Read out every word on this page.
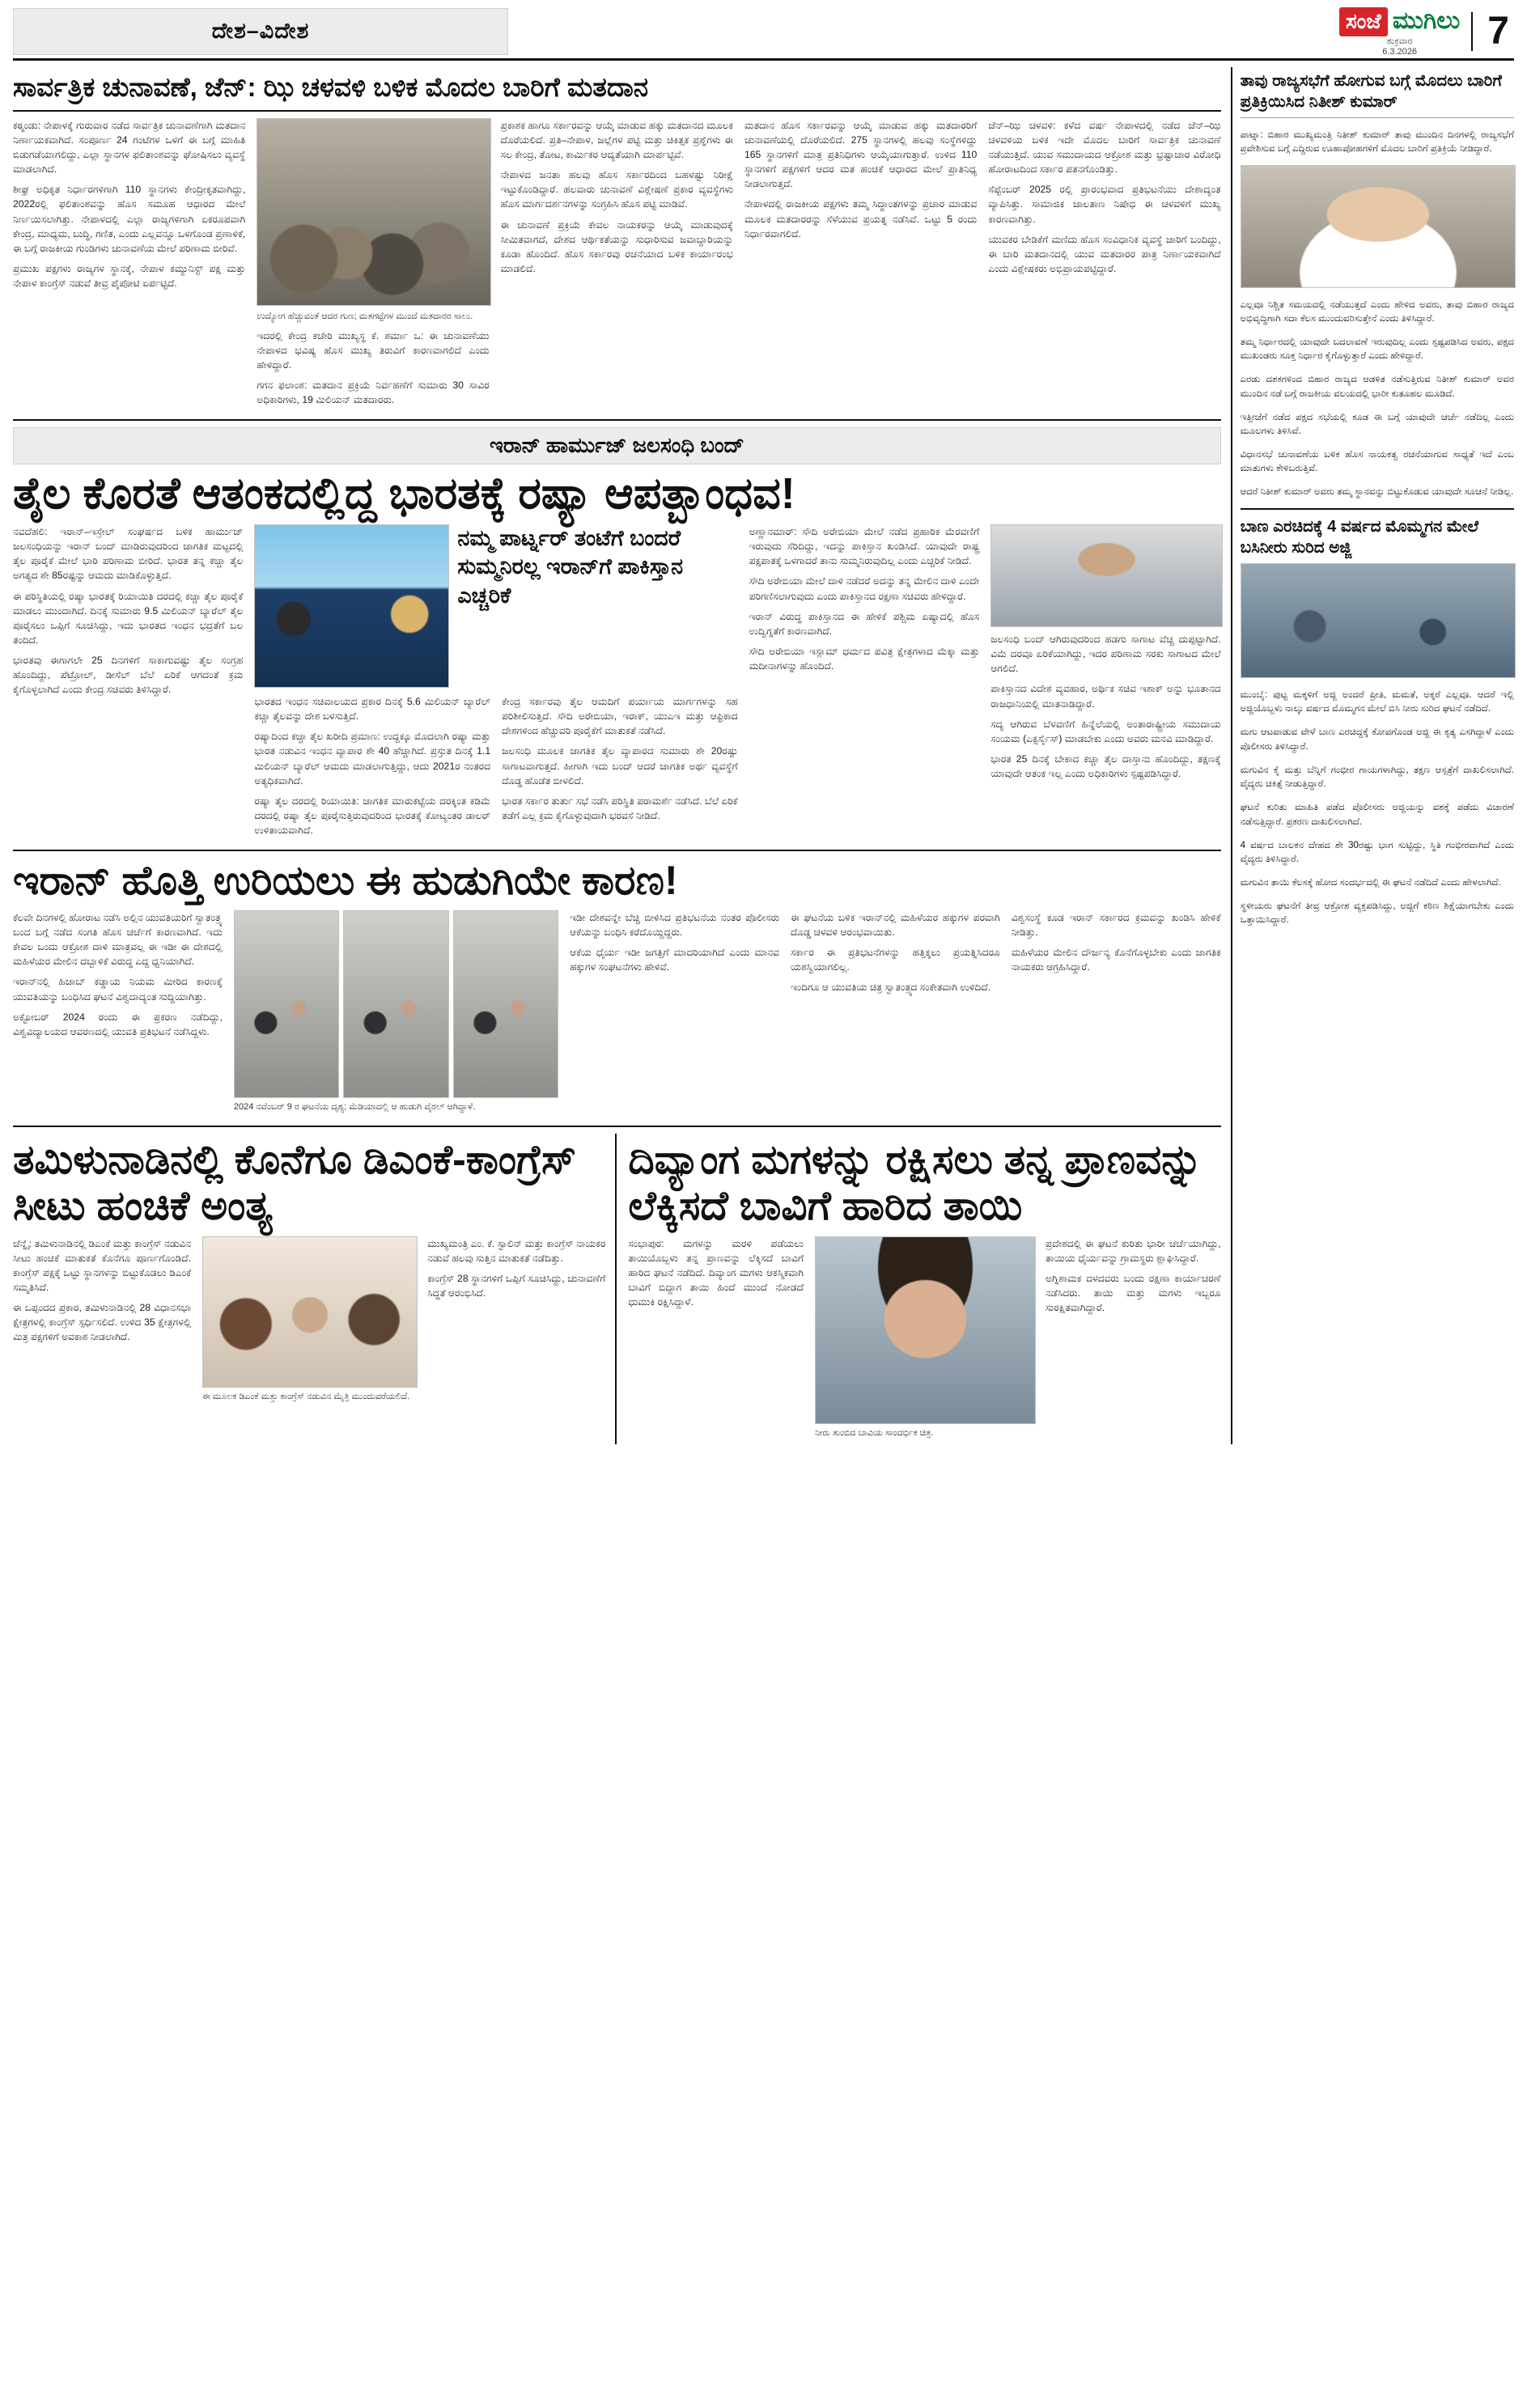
ದೇಶ–ವಿದೇಶ	ಸಂಜೆ ಮುಗಿಲು
ಶುಕ್ರವಾರ
6.3.2026	7
ಸಾರ್ವತ್ರಿಕ ಚುನಾವಣೆ, ಜೆನ್: ಝಿ ಚಳವಳಿ ಬಳಿಕ ಮೊದಲ ಬಾರಿಗೆ ಮತದಾನ

ಕಠ್ಮಂಡು: ನೇಪಾಳಕ್ಕೆ ಗುರುವಾರ ನಡೆದ ಸಾರ್ವತ್ರಿಕ ಚುನಾವಣೆಗಾಗಿ ಮತದಾನ ನಿರ್ಣಾಯಕವಾಗಿದೆ. ಸಂಪೂರ್ಣ 24 ಗಂಟೆಗಳ ಒಳಗೆ ಈ ಬಗ್ಗೆ ಮಾಹಿತಿ ಬಿಡುಗಡೆಯಾಗಲಿದ್ದು, ಎಲ್ಲಾ ಸ್ಥಾನಗಳ ಫಲಿತಾಂಶವನ್ನು ಘೋಷಿಸಲು ವ್ಯವಸ್ಥೆ ಮಾಡಲಾಗಿದೆ.

ಶೀಘ್ರ ಅಧಿಕೃತ ನಿರ್ಧಾರಗಳಿಗಾಗಿ 110 ಸ್ಥಾನಗಳು ಕೇಂದ್ರೀಕೃತವಾಗಿದ್ದು, 2022ರಲ್ಲಿ ಫಲಿತಾಂಶವನ್ನು ಹೊಸ ಸಮೂಹ ಆಧಾರದ ಮೇಲೆ ನಿರ್ಣಯಿಸಲಾಗಿತ್ತು. ನೇಪಾಳದಲ್ಲಿ ಎಲ್ಲಾ ರಾಜ್ಯಗಳಿಗಾಗಿ ಏಕರೂಪವಾಗಿ ಕೇಂದ್ರ, ಮಾಧ್ಯಮ, ಬುದ್ಧಿ, ಗಣಿತ, ಎಂದು ಎಲ್ಲವನ್ನೂ ಒಳಗೊಂಡ ಪ್ರಣಾಳಿಕೆ, ಈ ಬಗ್ಗೆ ರಾಜಕೀಯ ಗುಂಡಿಗಳು ಚುನಾವಣೆಯ ಮೇಲೆ ಪರಿಣಾಮ ಬೀರಿವೆ.

ಪ್ರಮುಖ ಪಕ್ಷಗಳು ರಾಜ್ಯಗಳ ಸ್ಥಾನಕ್ಕೆ, ನೇಪಾಳ ಕಮ್ಯುನಿಸ್ಟ್ ಪಕ್ಷ ಮತ್ತು ನೇಪಾಳ ಕಾಂಗ್ರೆಸ್ ನಡುವೆ ತೀವ್ರ ಪೈಪೋಟಿ ಏರ್ಪಟ್ಟಿದೆ.

ಉದ್ಯೋಗ ಹೆಚ್ಚುವಂತೆ ಆದರ ಗುಣ; ಮತಗಟ್ಟೆಗಳ ಮುಂದೆ ಮತದಾರರ ಸಾಲು.

ಇದರಲ್ಲಿ ಕೇಂದ್ರ ಕಚೇರಿ ಮುಖ್ಯಸ್ಥ ಕೆ. ಶರ್ಮಾ ಒ: ಈ ಚುನಾವಣೆಯು ನೇಪಾಳದ ಭವಿಷ್ಯ ಹೊಸ ಮುಖ್ಯ ತಿರುವಿಗೆ ಕಾರಣವಾಗಲಿದೆ ಎಂದು ಹೇಳಿದ್ದಾರೆ.

ಗಗನ ಫಲಾಂಶ: ಮತದಾನ ಪ್ರಕ್ರಿಯೆ ನಿರ್ವಹಣೆಗೆ ಸುಮಾರು 30 ಸಾವಿರ ಅಧಿಕಾರಿಗಳು, 19 ಮಿಲಿಯನ್ ಮತದಾರರು.

ಪ್ರಕಾಶಕ ಹಾಗೂ ಸರ್ಕಾರವನ್ನು ಆಯ್ಕೆ ಮಾಡುವ ಹಕ್ಕು ಮತದಾನದ ಮೂಲಕ ದೊರೆಯಲಿದೆ. ಪ್ರತಿ–ನೇಪಾಳ, ಜಲ್ಲೆಗಳ ಪಟ್ಟಿ ಮತ್ತು ಚಿಕಿತ್ಸಕ ಪ್ರಶ್ನೆಗಳು ಈ ಸಲ ಕೇಂದ್ರ, ತೋಟ, ಕಾರ್ಮಿಕರ ಆದ್ಯತೆಯಾಗಿ ಮಾರ್ಪಟ್ಟಿವೆ.

ನೇಪಾಳದ ಜನತಾ ಹಲವು ಹೊಸ ಸರ್ಕಾರದಿಂದ ಬಹಳಷ್ಟು ನಿರೀಕ್ಷೆ ಇಟ್ಟುಕೊಂಡಿದ್ದಾರೆ. ಹಲವಾರು ಚುನಾವಣೆ ವಿಶ್ಲೇಷಣೆ ಪ್ರಕಾರ ವ್ಯವಸ್ಥೆಗಳು ಹೊಸ ಮಾರ್ಗದರ್ಶನಗಳನ್ನು ಸಂಗ್ರಹಿಸಿ ಹೊಸ ಪಟ್ಟಿ ಮಾಡಿವೆ.

ಈ ಚುನಾವಣೆ ಪ್ರಕ್ರಿಯೆ ಕೇವಲ ನಾಯಕರನ್ನು ಆಯ್ಕೆ ಮಾಡುವುದಕ್ಕೆ ಸೀಮಿತವಾಗದೆ, ದೇಶದ ಆರ್ಥಿಕತೆಯನ್ನು ಸುಧಾರಿಸುವ ಜವಾಬ್ದಾರಿಯನ್ನು ಕೂಡಾ ಹೊಂದಿದೆ. ಹೊಸ ಸರ್ಕಾರವು ರಚನೆಯಾದ ಬಳಿಕ ಕಾರ್ಯಾರಂಭ ಮಾಡಲಿದೆ.

ಮತದಾನ ಹೊಸ ಸರ್ಕಾರವನ್ನು ಆಯ್ಕೆ ಮಾಡುವ ಹಕ್ಕು ಮತದಾರರಿಗೆ ಚುನಾವಣೆಯಲ್ಲಿ ದೊರೆಯಲಿದೆ. 275 ಸ್ಥಾನಗಳಲ್ಲಿ ಹಲವು ಸಂಸ್ಥೆಗಳಿದ್ದು 165 ಸ್ಥಾನಗಳಿಗೆ ಮಾತ್ರ ಪ್ರತಿನಿಧಿಗಳು ಆಯ್ಕೆಯಾಗುತ್ತಾರೆ. ಉಳಿದ 110 ಸ್ಥಾನಗಳಿಗೆ ಪಕ್ಷಗಳಿಗೆ ಆದರ ಮತ ಹಂಚಿಕೆ ಆಧಾರದ ಮೇಲೆ ಪ್ರಾತಿನಿಧ್ಯ ನೀಡಲಾಗುತ್ತದೆ.

ನೇಪಾಳದಲ್ಲಿ ರಾಜಕೀಯ ಪಕ್ಷಗಳು ತಮ್ಮ ಸಿದ್ಧಾಂತಗಳನ್ನು ಪ್ರಚಾರ ಮಾಡುವ ಮೂಲಕ ಮತದಾರರನ್ನು ಸೆಳೆಯುವ ಪ್ರಯತ್ನ ನಡೆಸಿವೆ. ಒಟ್ಟು 5 ರಂದು ನಿರ್ಧಾರವಾಗಲಿದೆ.

ಜೆನ್–ಝಿ ಚಳವಳಿ: ಕಳೆದ ವರ್ಷ ನೇಪಾಳದಲ್ಲಿ ನಡೆದ ಜೆನ್–ಝಿ ಚಳವಳಿಯ ಬಳಿಕ ಇದೇ ಮೊದಲ ಬಾರಿಗೆ ಸಾರ್ವತ್ರಿಕ ಚುನಾವಣೆ ನಡೆಯುತ್ತಿದೆ. ಯುವ ಸಮುದಾಯದ ಆಕ್ರೋಶ ಮತ್ತು ಭ್ರಷ್ಟಾಚಾರ ವಿರೋಧಿ ಹೋರಾಟದಿಂದ ಸರ್ಕಾರ ಪತನಗೊಂಡಿತ್ತು.

ಸೆಪ್ಟೆಂಬರ್ 2025 ರಲ್ಲಿ ಪ್ರಾರಂಭವಾದ ಪ್ರತಿಭಟನೆಯು ದೇಶಾದ್ಯಂತ ವ್ಯಾಪಿಸಿತ್ತು. ಸಾಮಾಜಿಕ ಜಾಲತಾಣ ನಿಷೇಧ ಈ ಚಳವಳಿಗೆ ಮುಖ್ಯ ಕಾರಣವಾಗಿತ್ತು.

ಯುವಕರ ಬೇಡಿಕೆಗೆ ಮಣಿದು ಹೊಸ ಸಂವಿಧಾನಿಕ ವ್ಯವಸ್ಥೆ ಜಾರಿಗೆ ಬಂದಿದ್ದು, ಈ ಬಾರಿ ಮತದಾನದಲ್ಲಿ ಯುವ ಮತದಾರರ ಪಾತ್ರ ನಿರ್ಣಾಯಕವಾಗಿದೆ ಎಂದು ವಿಶ್ಲೇಷಕರು ಅಭಿಪ್ರಾಯಪಟ್ಟಿದ್ದಾರೆ.

ಇರಾನ್ ಹಾರ್ಮುಜ್ ಜಲಸಂಧಿ ಬಂದ್
ತೈಲ ಕೊರತೆ ಆತಂಕದಲ್ಲಿದ್ದ ಭಾರತಕ್ಕೆ ರಷ್ಯಾ ಆಪತ್ಬಾಂಧವ!

ನವದೆಹಲಿ: ಇರಾನ್–ಇಸ್ರೇಲ್ ಸಂಘರ್ಷದ ಬಳಿಕ ಹಾರ್ಮುಜ್ ಜಲಸಂಧಿಯನ್ನು ಇರಾನ್ ಬಂದ್ ಮಾಡಿರುವುದರಿಂದ ಜಾಗತಿಕ ಮಟ್ಟದಲ್ಲಿ ತೈಲ ಪೂರೈಕೆ ಮೇಲೆ ಭಾರಿ ಪರಿಣಾಮ ಬೀರಿದೆ. ಭಾರತ ತನ್ನ ಕಚ್ಚಾ ತೈಲ ಅಗತ್ಯದ ಶೇ 85ರಷ್ಟನ್ನು ಆಮದು ಮಾಡಿಕೊಳ್ಳುತ್ತಿದೆ.

ಈ ಪರಿಸ್ಥಿತಿಯಲ್ಲಿ ರಷ್ಯಾ ಭಾರತಕ್ಕೆ ರಿಯಾಯಿತಿ ದರದಲ್ಲಿ ಕಚ್ಚಾ ತೈಲ ಪೂರೈಕೆ ಮಾಡಲು ಮುಂದಾಗಿದೆ. ದಿನಕ್ಕೆ ಸುಮಾರು 9.5 ಮಿಲಿಯನ್ ಬ್ಯಾರೆಲ್ ತೈಲ ಪೂರೈಸಲು ಒಪ್ಪಿಗೆ ಸೂಚಿಸಿದ್ದು, ಇದು ಭಾರತದ ಇಂಧನ ಭದ್ರತೆಗೆ ಬಲ ತಂದಿದೆ.

ಭಾರತವು ಈಗಾಗಲೇ 25 ದಿನಗಳಿಗೆ ಸಾಕಾಗುವಷ್ಟು ತೈಲ ಸಂಗ್ರಹ ಹೊಂದಿದ್ದು, ಪೆಟ್ರೋಲ್, ಡೀಸೆಲ್ ಬೆಲೆ ಏರಿಕೆ ಆಗದಂತೆ ಕ್ರಮ ಕೈಗೊಳ್ಳಲಾಗಿದೆ ಎಂದು ಕೇಂದ್ರ ಸಚಿವರು ತಿಳಿಸಿದ್ದಾರೆ.

ನಮ್ಮ ಪಾರ್ಟ್ನರ್ ತಂಟೆಗೆ ಬಂದರೆ ಸುಮ್ಮನಿರಲ್ಲ ಇರಾನ್‌ಗೆ ಪಾಕಿಸ್ತಾನ ಎಚ್ಚರಿಕೆ

ಭಾರತದ ಇಂಧನ ಸಚಿವಾಲಯದ ಪ್ರಕಾರ ದಿನಕ್ಕೆ 5.6 ಮಿಲಿಯನ್ ಬ್ಯಾರೆಲ್ ಕಚ್ಚಾ ತೈಲವನ್ನು ದೇಶ ಬಳಸುತ್ತಿದೆ.

ರಷ್ಯಾದಿಂದ ಕಚ್ಚಾ ತೈಲ ಖರೀದಿ ಪ್ರಮಾಣ: ಉದ್ದಕ್ಕೂ ಮೊದಲಾಗಿ ರಷ್ಯಾ ಮತ್ತು ಭಾರತ ನಡುವಿನ ಇಂಧನ ವ್ಯಾಪಾರ ಶೇ 40 ಹೆಚ್ಚಾಗಿದೆ. ಪ್ರಸ್ತುತ ದಿನಕ್ಕೆ 1.1 ಮಿಲಿಯನ್ ಬ್ಯಾರೆಲ್ ಆಮದು ಮಾಡಲಾಗುತ್ತಿದ್ದು, ಆದು 2021ರ ನಂತರದ ಅತ್ಯಧಿಕವಾಗಿದೆ.

ರಷ್ಯಾ ತೈಲ ದರದಲ್ಲಿ ರಿಯಾಯಿತಿ: ಜಾಗತಿಕ ಮಾರುಕಟ್ಟೆಯ ದರಕ್ಕಿಂತ ಕಡಿಮೆ ದರದಲ್ಲಿ ರಷ್ಯಾ ತೈಲ ಪೂರೈಸುತ್ತಿರುವುದರಿಂದ ಭಾರತಕ್ಕೆ ಕೋಟ್ಯಂತರ ಡಾಲರ್ ಉಳಿತಾಯವಾಗಿದೆ.

ಕೇಂದ್ರ ಸರ್ಕಾರವು ತೈಲ ಆಮದಿಗೆ ಪರ್ಯಾಯ ಮಾರ್ಗಗಳನ್ನು ಸಹ ಪರಿಶೀಲಿಸುತ್ತಿದೆ. ಸೌದಿ ಅರೇಬಿಯಾ, ಇರಾಕ್, ಯುಎಇ ಮತ್ತು ಆಫ್ರಿಕಾದ ದೇಶಗಳಿಂದ ಹೆಚ್ಚುವರಿ ಪೂರೈಕೆಗೆ ಮಾತುಕತೆ ನಡೆಸಿದೆ.

ಜಲಸಂಧಿ ಮೂಲಕ ಜಾಗತಿಕ ತೈಲ ವ್ಯಾಪಾರದ ಸುಮಾರು ಶೇ 20ರಷ್ಟು ಸಾಗಾಟವಾಗುತ್ತದೆ. ಹೀಗಾಗಿ ಇದು ಬಂದ್ ಆದರೆ ಜಾಗತಿಕ ಅರ್ಥ ವ್ಯವಸ್ಥೆಗೆ ದೊಡ್ಡ ಹೊಡೆತ ಬೀಳಲಿದೆ.

ಭಾರತ ಸರ್ಕಾರ ತುರ್ತು ಸಭೆ ನಡೆಸಿ ಪರಿಸ್ಥಿತಿ ಪರಾಮರ್ಶೆ ನಡೆಸಿದೆ. ಬೆಲೆ ಏರಿಕೆ ತಡೆಗೆ ಎಲ್ಲ ಕ್ರಮ ಕೈಗೊಳ್ಳುವುದಾಗಿ ಭರವಸೆ ನೀಡಿದೆ.

ಅಣ್ಣಾನಮಾರ್: ಸೌದಿ ಅರೇಬಿಯಾ ಮೇಲೆ ನಡೆದ ಪ್ರಹಾರಿಕ ಮೆರವಣಿಗೆ ಇರುವುದು ಸೆರಿದಿದ್ದು, ಇದನ್ನು ಪಾಕಿಸ್ತಾನ ಖಂಡಿಸಿದೆ. ಯಾವುದೇ ರಾಷ್ಟ್ರ ಪಕ್ಷಪಾತಕ್ಕೆ ಒಳಗಾದರೆ ತಾನು ಸುಮ್ಮನಿರುವುದಿಲ್ಲ ಎಂದು ಎಚ್ಚರಿಕೆ ನೀಡಿದೆ.

ಸೌದಿ ಅರೇಬಿಯಾ ಮೇಲೆ ದಾಳಿ ನಡೆದರೆ ಅದನ್ನು ತನ್ನ ಮೇಲಿನ ದಾಳಿ ಎಂದೇ ಪರಿಗಣಿಸಲಾಗುವುದು ಎಂದು ಪಾಕಿಸ್ತಾನದ ರಕ್ಷಣಾ ಸಚಿವರು ಹೇಳಿದ್ದಾರೆ.

ಇರಾನ್ ವಿರುದ್ಧ ಪಾಕಿಸ್ತಾನದ ಈ ಹೇಳಿಕೆ ಪಶ್ಚಿಮ ಏಷ್ಯಾದಲ್ಲಿ ಹೊಸ ಉದ್ವಿಗ್ನತೆಗೆ ಕಾರಣವಾಗಿದೆ.

ಸೌದಿ ಅರೇಬಿಯಾ ಇಸ್ಲಾಮ್ ಧರ್ಮದ ಪವಿತ್ರ ಕ್ಷೇತ್ರಗಳಾದ ಮೆಕ್ಕಾ ಮತ್ತು ಮದೀನಾಗಳನ್ನು ಹೊಂದಿದೆ.

ಜಲಸಂಧಿ ಬಂದ್ ಆಗಿರುವುದರಿಂದ ಹಡಗು ಸಾಗಾಟ ವೆಚ್ಚ ದುಪ್ಪಟ್ಟಾಗಿದೆ. ವಿಮೆ ದರವೂ ಏರಿಕೆಯಾಗಿದ್ದು, ಇದರ ಪರಿಣಾಮ ಸರಕು ಸಾಗಾಟದ ಮೇಲೆ ಆಗಲಿದೆ.

ಪಾಕಿಸ್ತಾನದ ವಿದೇಶ ವ್ಯವಹಾರ, ಅರ್ಥಿಕ ಸಚಿವ ಇಶಾಕ್ ಅನ್ನು ಭೂತಾನದ ರಾಜಧಾನಿಯಲ್ಲಿ ಮಾತನಾಡಿದ್ದಾರೆ.

ಸದ್ಯ ಆಗಿರುವ ಬೆಳವಣಿಗೆ ಹಿನ್ನೆಲೆಯಲ್ಲಿ ಅಂತಾರಾಷ್ಟ್ರೀಯ ಸಮುದಾಯ ಸಂಯಮ (ಎಕ್ಸರ್ಸೈಸ್) ಮಾಡಬೇಕು ಎಂದು ಅವರು ಮನವಿ ಮಾಡಿದ್ದಾರೆ.

ಭಾರತ 25 ದಿನಕ್ಕೆ ಬೇಕಾದ ಕಚ್ಚಾ ತೈಲ ದಾಸ್ತಾನು ಹೊಂದಿದ್ದು, ತಕ್ಷಣಕ್ಕೆ ಯಾವುದೇ ಆತಂಕ ಇಲ್ಲ ಎಂದು ಅಧಿಕಾರಿಗಳು ಸ್ಪಷ್ಟಪಡಿಸಿದ್ದಾರೆ.

ಇರಾನ್ ಹೊತ್ತಿ ಉರಿಯಲು ಈ ಹುಡುಗಿಯೇ ಕಾರಣ!

ಕೆಲವೇ ದಿನಗಳಲ್ಲಿ ಹೋರಾಟ ನಡೆಸಿ ಅಲ್ಲಿನ ಯುವತಿಯರಿಗೆ ಸ್ವಾತಂತ್ರ್ಯ ಬಂದ ಬಗ್ಗೆ ನಡೆದ ಸಂಗತಿ ಹೊಸ ಚರ್ಚೆಗೆ ಕಾರಣವಾಗಿದೆ. ಇದು ಕೇವಲ ಒಂದು ಆಕ್ರೋಶ ದಾಳಿ ಮಾತ್ರವಲ್ಲ ಈ ಇಡೀ ಈ ದೇಶದಲ್ಲಿ ಮಹಿಳೆಯರ ಮೇಲಿನ ದಬ್ಬಾಳಿಕೆ ವಿರುದ್ಧ ಎದ್ದ ಧ್ವನಿಯಾಗಿದೆ.

ಇರಾನ್‌ನಲ್ಲಿ ಹಿಜಾಬ್ ಕಡ್ಡಾಯ ನಿಯಮ ಮೀರಿದ ಕಾರಣಕ್ಕೆ ಯುವತಿಯನ್ನು ಬಂಧಿಸಿದ ಘಟನೆ ವಿಶ್ವದಾದ್ಯಂತ ಸುದ್ದಿಯಾಗಿತ್ತು.

ಅಕ್ಟೋಬರ್ 2024 ರಂದು ಈ ಪ್ರಕರಣ ನಡೆದಿದ್ದು, ವಿಶ್ವವಿದ್ಯಾಲಯದ ಆವರಣದಲ್ಲಿ ಯುವತಿ ಪ್ರತಿಭಟನೆ ನಡೆಸಿದ್ದಳು.

2024 ನವೆಂಬರ್ 9 ರ ಘಟನೆಯ ದೃಶ್ಯ; ಮೆಡಿಯಾದಲ್ಲಿ ಆ ಹುಡುಗಿ ವೈರಲ್ ಆಗಿದ್ದಾಳೆ.

ಇಡೀ ದೇಶವನ್ನೇ ಬೆಚ್ಚಿ ಬೀಳಿಸಿದ ಪ್ರತಿಭಟನೆಯ ನಂತರ ಪೊಲೀಸರು ಆಕೆಯನ್ನು ಬಂಧಿಸಿ ಕರೆದೊಯ್ದಿದ್ದರು.

ಆಕೆಯ ಧೈರ್ಯ ಇಡೀ ಜಗತ್ತಿಗೆ ಮಾದರಿಯಾಗಿದೆ ಎಂದು ಮಾನವ ಹಕ್ಕುಗಳ ಸಂಘಟನೆಗಳು ಹೇಳಿವೆ.

ಈ ಘಟನೆಯ ಬಳಿಕ ಇರಾನ್‌ನಲ್ಲಿ ಮಹಿಳೆಯರ ಹಕ್ಕುಗಳ ಪರವಾಗಿ ದೊಡ್ಡ ಚಳವಳಿ ಆರಂಭವಾಯಿತು.

ಸರ್ಕಾರ ಈ ಪ್ರತಿಭಟನೆಗಳನ್ನು ಹತ್ತಿಕ್ಕಲು ಪ್ರಯತ್ನಿಸಿದರೂ ಯಶಸ್ವಿಯಾಗಲಿಲ್ಲ.

ಇಂದಿಗೂ ಆ ಯುವತಿಯ ಚಿತ್ರ ಸ್ವಾತಂತ್ರ್ಯದ ಸಂಕೇತವಾಗಿ ಉಳಿದಿದೆ.

ವಿಶ್ವಸಂಸ್ಥೆ ಕೂಡ ಇರಾನ್ ಸರ್ಕಾರದ ಕ್ರಮವನ್ನು ಖಂಡಿಸಿ ಹೇಳಿಕೆ ನೀಡಿತ್ತು.

ಮಹಿಳೆಯರ ಮೇಲಿನ ದೌರ್ಜನ್ಯ ಕೊನೆಗೊಳ್ಳಬೇಕು ಎಂದು ಜಾಗತಿಕ ನಾಯಕರು ಆಗ್ರಹಿಸಿದ್ದಾರೆ.

ತಮಿಳುನಾಡಿನಲ್ಲಿ ಕೊನೆಗೂ ಡಿಎಂಕೆ-ಕಾಂಗ್ರೆಸ್ ಸೀಟು ಹಂಚಿಕೆ ಅಂತ್ಯ

ಚೆನ್ನೈ: ತಮಿಳುನಾಡಿನಲ್ಲಿ ಡಿಎಂಕೆ ಮತ್ತು ಕಾಂಗ್ರೆಸ್ ನಡುವಿನ ಸೀಟು ಹಂಚಿಕೆ ಮಾತುಕತೆ ಕೊನೆಗೂ ಪೂರ್ಣಗೊಂಡಿದೆ. ಕಾಂಗ್ರೆಸ್ ಪಕ್ಷಕ್ಕೆ ಒಟ್ಟು ಸ್ಥಾನಗಳನ್ನು ಬಿಟ್ಟುಕೊಡಲು ಡಿಎಂಕೆ ಸಮ್ಮತಿಸಿದೆ.

ಈ ಒಪ್ಪಂದದ ಪ್ರಕಾರ, ತಮಿಳುನಾಡಿನಲ್ಲಿ 28 ವಿಧಾನಸಭಾ ಕ್ಷೇತ್ರಗಳಲ್ಲಿ ಕಾಂಗ್ರೆಸ್ ಸ್ಪರ್ಧಿಸಲಿದೆ. ಉಳಿದ 35 ಕ್ಷೇತ್ರಗಳಲ್ಲಿ ಮಿತ್ರ ಪಕ್ಷಗಳಿಗೆ ಅವಕಾಶ ನೀಡಲಾಗಿದೆ.

ಈ ಮೂಲಕ ಡಿಎಂಕೆ ಮತ್ತು ಕಾಂಗ್ರೆಸ್ ನಡುವಿನ ಮೈತ್ರಿ ಮುಂದುವರೆಯಲಿದೆ.

ಮುಖ್ಯಮಂತ್ರಿ ಎಂ. ಕೆ. ಸ್ಟಾಲಿನ್ ಮತ್ತು ಕಾಂಗ್ರೆಸ್ ನಾಯಕರ ನಡುವೆ ಹಲವು ಸುತ್ತಿನ ಮಾತುಕತೆ ನಡೆದಿತ್ತು.

ಕಾಂಗ್ರೆಸ್ 28 ಸ್ಥಾನಗಳಿಗೆ ಒಪ್ಪಿಗೆ ಸೂಚಿಸಿದ್ದು, ಚುನಾವಣೆಗೆ ಸಿದ್ಧತೆ ಆರಂಭಿಸಿದೆ.

ದಿವ್ಯಾಂಗ ಮಗಳನ್ನು ರಕ್ಷಿಸಲು ತನ್ನ ಪ್ರಾಣವನ್ನು ಲೆಕ್ಕಿಸದೆ ಬಾವಿಗೆ ಹಾರಿದ ತಾಯಿ

ಸಂಭಾಪುರ: ಮಗಳನ್ನು ಮರಳಿ ಪಡೆಯಲು ತಾಯಿಯೊಬ್ಬಳು ತನ್ನ ಪ್ರಾಣವನ್ನು ಲೆಕ್ಕಿಸದೆ ಬಾವಿಗೆ ಹಾರಿದ ಘಟನೆ ನಡೆದಿದೆ. ದಿವ್ಯಾಂಗ ಮಗಳು ಆಕಸ್ಮಿಕವಾಗಿ ಬಾವಿಗೆ ಬಿದ್ದಾಗ ತಾಯಿ ಹಿಂದೆ ಮುಂದೆ ನೋಡದೆ ಧುಮುಕಿ ರಕ್ಷಿಸಿದ್ದಾಳೆ.

ನೀರು ತುಂಬಿದ ಬಾವಿಯ ಸಾಂದರ್ಭಿಕ ಚಿತ್ರ.

ಪ್ರದೇಶದಲ್ಲಿ ಈ ಘಟನೆ ಕುರಿತು ಭಾರೀ ಚರ್ಚೆಯಾಗಿದ್ದು, ತಾಯಿಯ ಧೈರ್ಯವನ್ನು ಗ್ರಾಮಸ್ಥರು ಶ್ಲಾಘಿಸಿದ್ದಾರೆ.

ಅಗ್ನಿಶಾಮಕ ದಳದವರು ಬಂದು ರಕ್ಷಣಾ ಕಾರ್ಯಾಚರಣೆ ನಡೆಸಿದರು. ತಾಯಿ ಮತ್ತು ಮಗಳು ಇಬ್ಬರೂ ಸುರಕ್ಷಿತವಾಗಿದ್ದಾರೆ.

ತಾವು ರಾಜ್ಯಸಭೆಗೆ ಹೋಗುವ ಬಗ್ಗೆ ಮೊದಲು ಬಾರಿಗೆ ಪ್ರತಿಕ್ರಿಯಿಸಿದ ನಿತೀಶ್ ಕುಮಾರ್

ಪಾಟ್ನಾ: ಬಿಹಾರ ಮುಖ್ಯಮಂತ್ರಿ ನಿತೀಶ್ ಕುಮಾರ್ ತಾವು ಮುಂದಿನ ದಿನಗಳಲ್ಲಿ ರಾಜ್ಯಸಭೆಗೆ ಪ್ರವೇಶಿಸುವ ಬಗ್ಗೆ ಎದ್ದಿರುವ ಊಹಾಪೋಹಗಳಿಗೆ ಮೊದಲ ಬಾರಿಗೆ ಪ್ರತಿಕ್ರಿಯೆ ನೀಡಿದ್ದಾರೆ.

ಎಲ್ಲವೂ ನಿಶ್ಚಿತ ಸಮಯದಲ್ಲಿ ನಡೆಯುತ್ತದೆ ಎಂದು ಹೇಳಿದ ಅವರು, ತಾವು ಬಿಹಾರ ರಾಜ್ಯದ ಅಭಿವೃದ್ಧಿಗಾಗಿ ಸದಾ ಕೆಲಸ ಮುಂದುವರಿಸುತ್ತೇನೆ ಎಂದು ತಿಳಿಸಿದ್ದಾರೆ.

ತಮ್ಮ ನಿರ್ಧಾರದಲ್ಲಿ ಯಾವುದೇ ಬದಲಾವಣೆ ಇರುವುದಿಲ್ಲ ಎಂದು ಸ್ಪಷ್ಟಪಡಿಸಿದ ಅವರು, ಪಕ್ಷದ ಮುಖಂಡರು ಸೂಕ್ತ ನಿರ್ಧಾರ ಕೈಗೊಳ್ಳುತ್ತಾರೆ ಎಂದು ಹೇಳಿದ್ದಾರೆ.

ಎರಡು ದಶಕಗಳಿಂದ ಬಿಹಾರ ರಾಜ್ಯದ ಆಡಳಿತ ನಡೆಸುತ್ತಿರುವ ನಿತೀಶ್ ಕುಮಾರ್ ಅವರ ಮುಂದಿನ ನಡೆ ಬಗ್ಗೆ ರಾಜಕೀಯ ವಲಯದಲ್ಲಿ ಭಾರೀ ಕುತೂಹಲ ಮೂಡಿದೆ.

ಇತ್ತೀಚೆಗೆ ನಡೆದ ಪಕ್ಷದ ಸಭೆಯಲ್ಲಿ ಕೂಡ ಈ ಬಗ್ಗೆ ಯಾವುದೇ ಚರ್ಚೆ ನಡೆದಿಲ್ಲ ಎಂದು ಮೂಲಗಳು ತಿಳಿಸಿವೆ.

ವಿಧಾನಸಭೆ ಚುನಾವಣೆಯ ಬಳಿಕ ಹೊಸ ನಾಯಕತ್ವ ರಚನೆಯಾಗುವ ಸಾಧ್ಯತೆ ಇದೆ ಎಂಬ ಮಾತುಗಳು ಕೇಳಿಬರುತ್ತಿವೆ.

ಆದರೆ ನಿತೀಶ್ ಕುಮಾರ್ ಅವರು ತಮ್ಮ ಸ್ಥಾನವನ್ನು ಬಿಟ್ಟುಕೊಡುವ ಯಾವುದೇ ಸೂಚನೆ ನೀಡಿಲ್ಲ.

ಬಾಣ ಎರಚಿದಕ್ಕೆ 4 ವರ್ಷದ ಮೊಮ್ಮಗನ ಮೇಲೆ ಬಸಿನೀರು ಸುರಿದ ಅಜ್ಜಿ

ಮುಂಬೈ: ಪುಟ್ಟ ಮಕ್ಕಳಿಗೆ ಅಜ್ಜಿ ಅಂದರೆ ಪ್ರೀತಿ, ಮಮತೆ, ಅಕ್ಕರೆ ಎಲ್ಲವೂ. ಆದರೆ ಇಲ್ಲಿ ಅಜ್ಜಿಯೊಬ್ಬಳು ನಾಲ್ಕು ವರ್ಷದ ಮೊಮ್ಮಗನ ಮೇಲೆ ಬಿಸಿ ನೀರು ಸುರಿದ ಘಟನೆ ನಡೆದಿದೆ.

ಮಗು ಆಟವಾಡುವ ವೇಳೆ ಬಾಣ ಎರಚಿದ್ದಕ್ಕೆ ಕೋಪಗೊಂಡ ಅಜ್ಜಿ ಈ ಕೃತ್ಯ ಎಸಗಿದ್ದಾಳೆ ಎಂದು ಪೊಲೀಸರು ತಿಳಿಸಿದ್ದಾರೆ.

ಮಗುವಿನ ಕೈ ಮತ್ತು ಬೆನ್ನಿಗೆ ಗಂಭೀರ ಗಾಯಗಳಾಗಿದ್ದು, ತಕ್ಷಣ ಆಸ್ಪತ್ರೆಗೆ ದಾಖಲಿಸಲಾಗಿದೆ. ವೈದ್ಯರು ಚಿಕಿತ್ಸೆ ನೀಡುತ್ತಿದ್ದಾರೆ.

ಘಟನೆ ಕುರಿತು ಮಾಹಿತಿ ಪಡೆದ ಪೊಲೀಸರು ಅಜ್ಜಿಯನ್ನು ವಶಕ್ಕೆ ಪಡೆದು ವಿಚಾರಣೆ ನಡೆಸುತ್ತಿದ್ದಾರೆ. ಪ್ರಕರಣ ದಾಖಲಿಸಲಾಗಿದೆ.

4 ವರ್ಷದ ಬಾಲಕನ ದೇಹದ ಶೇ 30ರಷ್ಟು ಭಾಗ ಸುಟ್ಟಿದ್ದು, ಸ್ಥಿತಿ ಗಂಭೀರವಾಗಿದೆ ಎಂದು ವೈದ್ಯರು ತಿಳಿಸಿದ್ದಾರೆ.

ಮಗುವಿನ ತಾಯಿ ಕೆಲಸಕ್ಕೆ ಹೋದ ಸಂದರ್ಭದಲ್ಲಿ ಈ ಘಟನೆ ನಡೆದಿದೆ ಎಂದು ಹೇಳಲಾಗಿದೆ.

ಸ್ಥಳೀಯರು ಘಟನೆಗೆ ತೀವ್ರ ಆಕ್ರೋಶ ವ್ಯಕ್ತಪಡಿಸಿದ್ದು, ಅಜ್ಜಿಗೆ ಕಠಿಣ ಶಿಕ್ಷೆಯಾಗಬೇಕು ಎಂದು ಒತ್ತಾಯಿಸಿದ್ದಾರೆ.
